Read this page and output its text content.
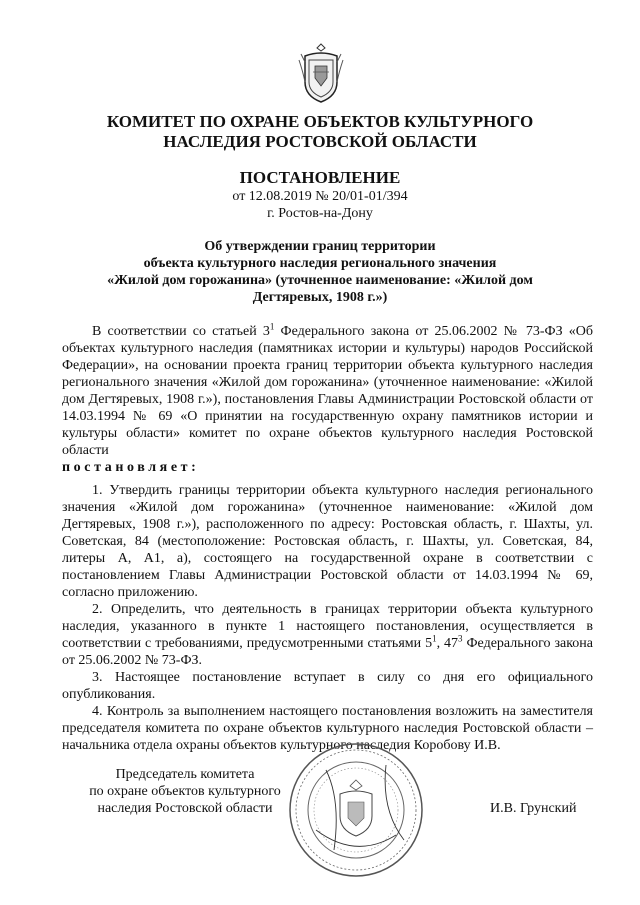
КОМИТЕТ ПО ОХРАНЕ ОБЪЕКТОВ КУЛЬТУРНОГО
НАСЛЕДИЯ РОСТОВСКОЙ ОБЛАСТИ
ПОСТАНОВЛЕНИЕ
от 12.08.2019 № 20/01-01/394
г. Ростов-на-Дону
Об утверждении границ территории
объекта культурного наследия регионального значения
«Жилой дом горожанина» (уточненное наименование: «Жилой дом
Дегтяревых, 1908 г.»)

В соответствии со статьей $3^1$ Федерального закона от 25.06.2002 № 73-ФЗ «Об объектах культурного наследия (памятниках истории и культуры) народов Российской Федерации», на основании проекта границ территории объекта культурного наследия регионального значения «Жилой дом горожанина» (уточненное наименование: «Жилой дом Дегтяревых, 1908 г.»), постановления Главы Администрации Ростовской области от 14.03.1994 № 69 «О принятии на государственную охрану памятников истории и культуры области» комитет по охране объектов культурного наследия Ростовской области

постановляет:

1. Утвердить границы территории объекта культурного наследия регионального значения «Жилой дом горожанина» (уточненное наименование: «Жилой дом Дегтяревых, 1908 г.»), расположенного по адресу: Ростовская область, г. Шахты, ул. Советская, 84 (местоположение: Ростовская область, г. Шахты, ул. Советская, 84, литеры А, А1, а), состоящего на государственной охране в соответствии с постановлением Главы Администрации Ростовской области от 14.03.1994 № 69, согласно приложению.

2. Определить, что деятельность в границах территории объекта культурного наследия, указанного в пункте 1 настоящего постановления, осуществляется в соответствии с требованиями, предусмотренными статьями $5^1$, $47^3$ Федерального закона от 25.06.2002 № 73-ФЗ.

3. Настоящее постановление вступает в силу со дня его официального опубликования.

4. Контроль за выполнением настоящего постановления возложить на заместителя председателя комитета по охране объектов культурного наследия Ростовской области – начальника отдела охраны объектов культурного наследия Коробову И.В.

Председатель комитета
по охране объектов культурного
наследия Ростовской области	И.В. Грунский
